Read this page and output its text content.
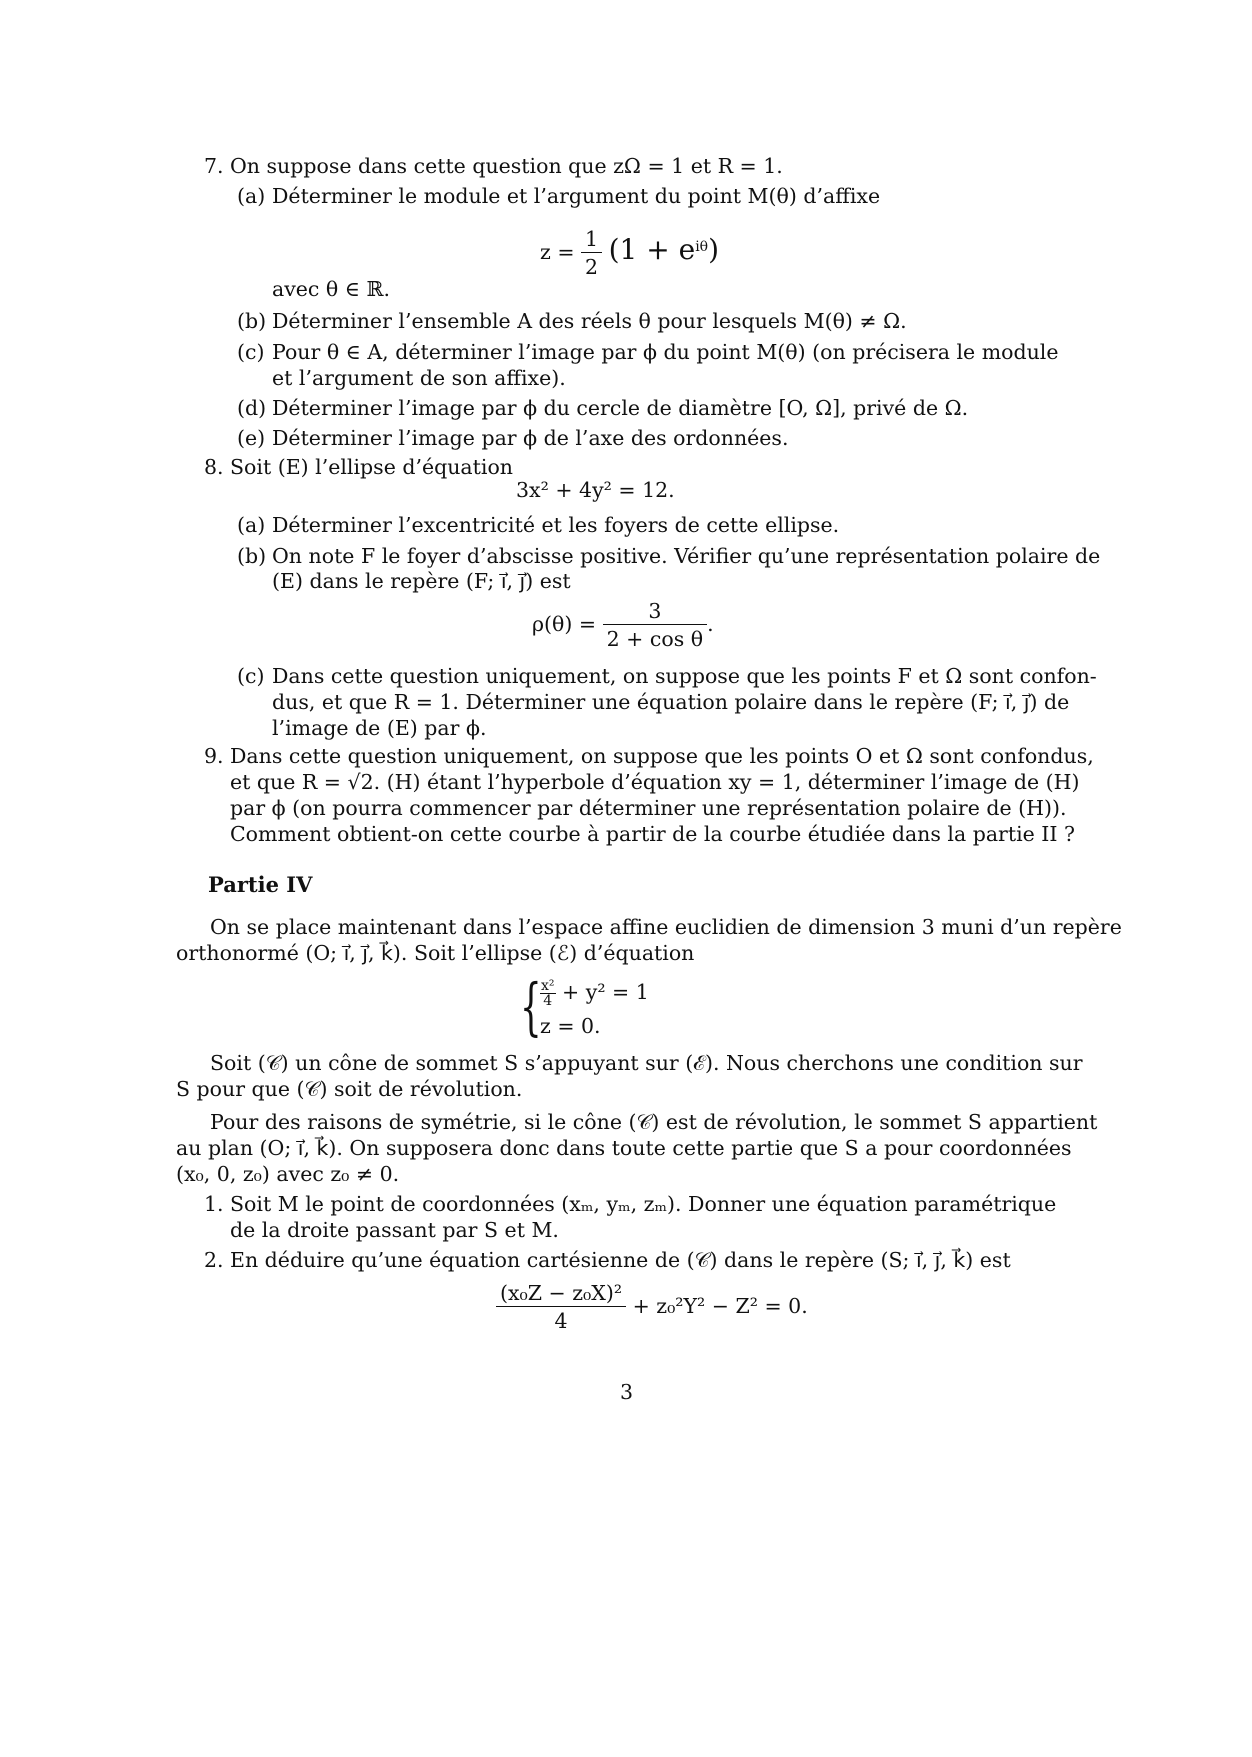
7. On suppose dans cette question que zΩ = 1 et R = 1.
(a) Déterminer le module et l’argument du point M(θ) d’affixe
$z = \frac{1}{2} (1 + e^{i\theta})$
avec θ ∈ ℝ.
(b) Déterminer l’ensemble A des réels θ pour lesquels M(θ) ≠ Ω.
(c) Pour θ ∈ A, déterminer l’image par ϕ du point M(θ) (on précisera le module
et l’argument de son affixe).
(d) Déterminer l’image par ϕ du cercle de diamètre [O, Ω], privé de Ω.
(e) Déterminer l’image par ϕ de l’axe des ordonnées.
8. Soit (E) l’ellipse d’équation
3x² + 4y² = 12.
(a) Déterminer l’excentricité et les foyers de cette ellipse.
(b) On note F le foyer d’abscisse positive. Vérifier qu’une représentation polaire de
(E) dans le repère (F; i⃗, j⃗) est
$\rho(\theta) = \frac{3}{\text{2 + cos θ}}$ .
(c) Dans cette question uniquement, on suppose que les points F et Ω sont confon-
dus, et que R = 1. Déterminer une équation polaire dans le repère (F; i⃗, j⃗) de
l’image de (E) par ϕ.
9. Dans cette question uniquement, on suppose que les points O et Ω sont confondus,
et que R = √2. (H) étant l’hyperbole d’équation xy = 1, déterminer l’image de (H)
par ϕ (on pourra commencer par déterminer une représentation polaire de (H)).
Comment obtient-on cette courbe à partir de la courbe étudiée dans la partie II ?
Partie IV
On se place maintenant dans l’espace affine euclidien de dimension 3 muni d’un repère
orthonormé (O; i⃗, j⃗, k⃗). Soit l’ellipse (ℰ) d’équation
{
$\frac{\text{x²}}{4} + y^2 = 1$
z = 0.
Soit (𝒞) un cône de sommet S s’appuyant sur (ℰ). Nous cherchons une condition sur
S pour que (𝒞) soit de révolution.
Pour des raisons de symétrie, si le cône (𝒞) est de révolution, le sommet S appartient
au plan (O; i⃗, k⃗). On supposera donc dans toute cette partie que S a pour coordonnées
(x₀, 0, z₀) avec z₀ ≠ 0.
1. Soit M le point de coordonnées (xₘ, yₘ, zₘ). Donner une équation paramétrique
de la droite passant par S et M.
2. En déduire qu’une équation cartésienne de (𝒞) dans le repère (S; i⃗, j⃗, k⃗) est
$\frac{\text{(x₀Z − z₀X)²}}{4} + z_0^2Y^2 - Z^2 = 0$.
3
